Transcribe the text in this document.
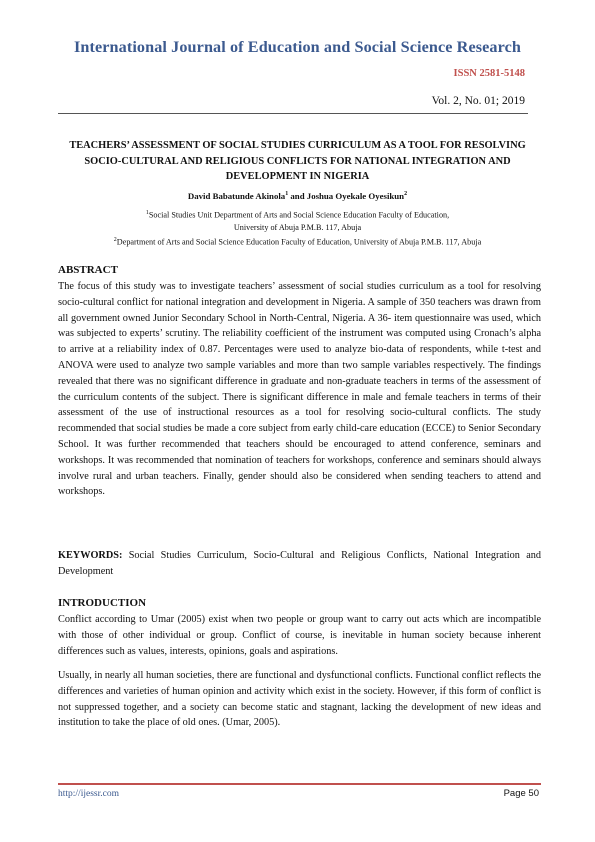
International Journal of Education and Social Science Research
ISSN 2581-5148
Vol. 2, No. 01; 2019
TEACHERS’ ASSESSMENT OF SOCIAL STUDIES CURRICULUM AS A TOOL FOR RESOLVING SOCIO-CULTURAL AND RELIGIOUS CONFLICTS FOR NATIONAL INTEGRATION AND DEVELOPMENT IN NIGERIA
David Babatunde Akinola$^1$ and Joshua Oyekale Oyesikun$^2$
$^1$Social Studies Unit Department of Arts and Social Science Education Faculty of Education,
University of Abuja P.M.B. 117, Abuja
$^2$Department of Arts and Social Science Education Faculty of Education, University of Abuja P.M.B. 117, Abuja
ABSTRACT

The focus of this study was to investigate teachers’ assessment of social studies curriculum as a tool for resolving socio-cultural conflict for national integration and development in Nigeria. A sample of 350 teachers was drawn from all government owned Junior Secondary School in North-Central, Nigeria. A 36- item questionnaire was used, which was subjected to experts’ scrutiny. The reliability coefficient of the instrument was computed using Cronach’s alpha to arrive at a reliability index of 0.87. Percentages were used to analyze bio-data of respondents, while t-test and ANOVA were used to analyze two sample variables and more than two sample variables respectively. The findings revealed that there was no significant difference in graduate and non-graduate teachers in terms of the assessment of the curriculum contents of the subject. There is significant difference in male and female teachers in terms of their assessment of the use of instructional resources as a tool for resolving socio-cultural conflicts. The study recommended that social studies be made a core subject from early child-care education (ECCE) to Senior Secondary School. It was further recommended that teachers should be encouraged to attend conference, seminars and workshops. It was recommended that nomination of teachers for workshops, conference and seminars should always involve rural and urban teachers. Finally, gender should also be considered when sending teachers to attend and workshops.

KEYWORDS: Social Studies Curriculum, Socio-Cultural and Religious Conflicts, National Integration and Development

INTRODUCTION

Conflict according to Umar (2005) exist when two people or group want to carry out acts which are incompatible with those of other individual or group. Conflict of course, is inevitable in human society because inherent differences such as values, interests, opinions, goals and aspirations.

Usually, in nearly all human societies, there are functional and dysfunctional conflicts. Functional conflict reflects the differences and varieties of human opinion and activity which exist in the society. However, if this form of conflict is not suppressed together, and a society can become static and stagnant, lacking the development of new ideas and institution to take the place of old ones. (Umar, 2005).

http://ijessr.com	Page 50
